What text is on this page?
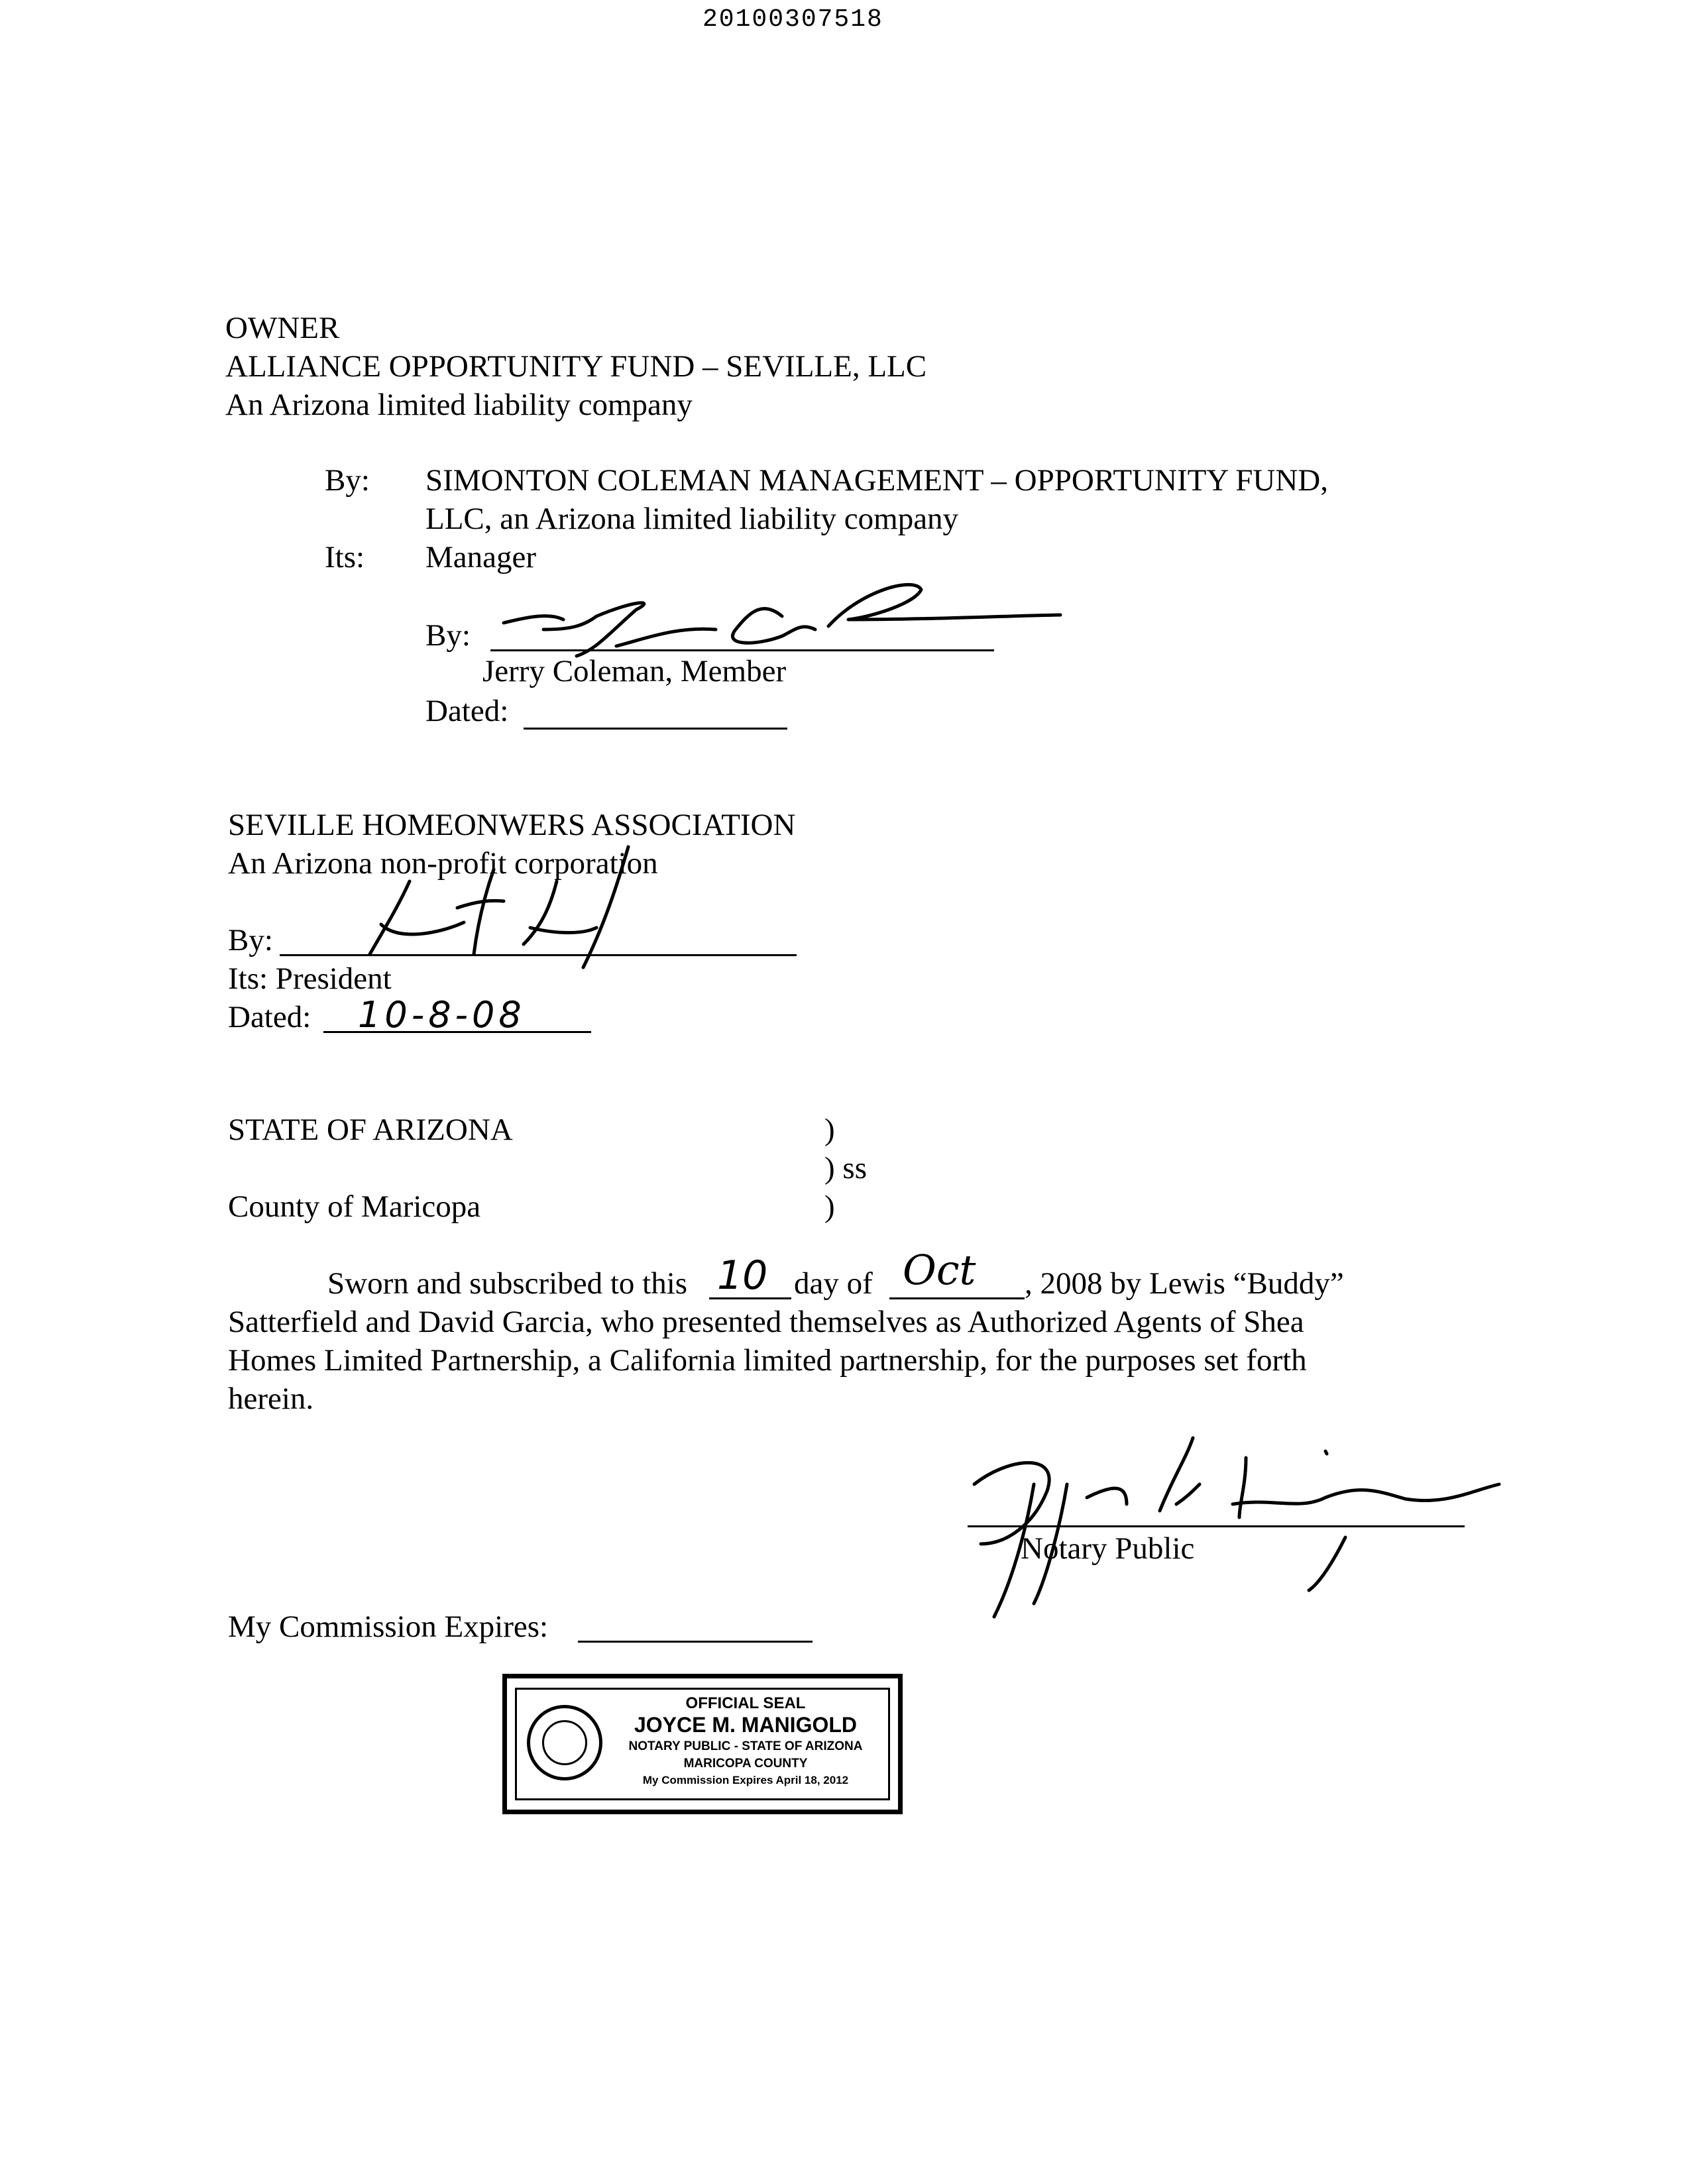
20100307518
OWNER
ALLIANCE OPPORTUNITY FUND – SEVILLE, LLC
An Arizona limited liability company
By: SIMONTON COLEMAN MANAGEMENT – OPPORTUNITY FUND,
LLC, an Arizona limited liability company
Its: Manager
By:
Jerry Coleman, Member
Dated:
SEVILLE HOMEONWERS ASSOCIATION
An Arizona non-profit corporation
By:
Its: President
Dated: 10-8-08
STATE OF ARIZONA	)
) ss
County of Maricopa	)
Sworn and subscribed to this 10 day of Oct , 2008 by Lewis “Buddy”
Satterfield and David Garcia, who presented themselves as Authorized Agents of Shea
Homes Limited Partnership, a California limited partnership, for the purposes set forth
herein.
Notary Public
My Commission Expires:
OFFICIAL SEAL
JOYCE M. MANIGOLD
NOTARY PUBLIC - STATE OF ARIZONA
MARICOPA COUNTY
My Commission Expires April 18, 2012
